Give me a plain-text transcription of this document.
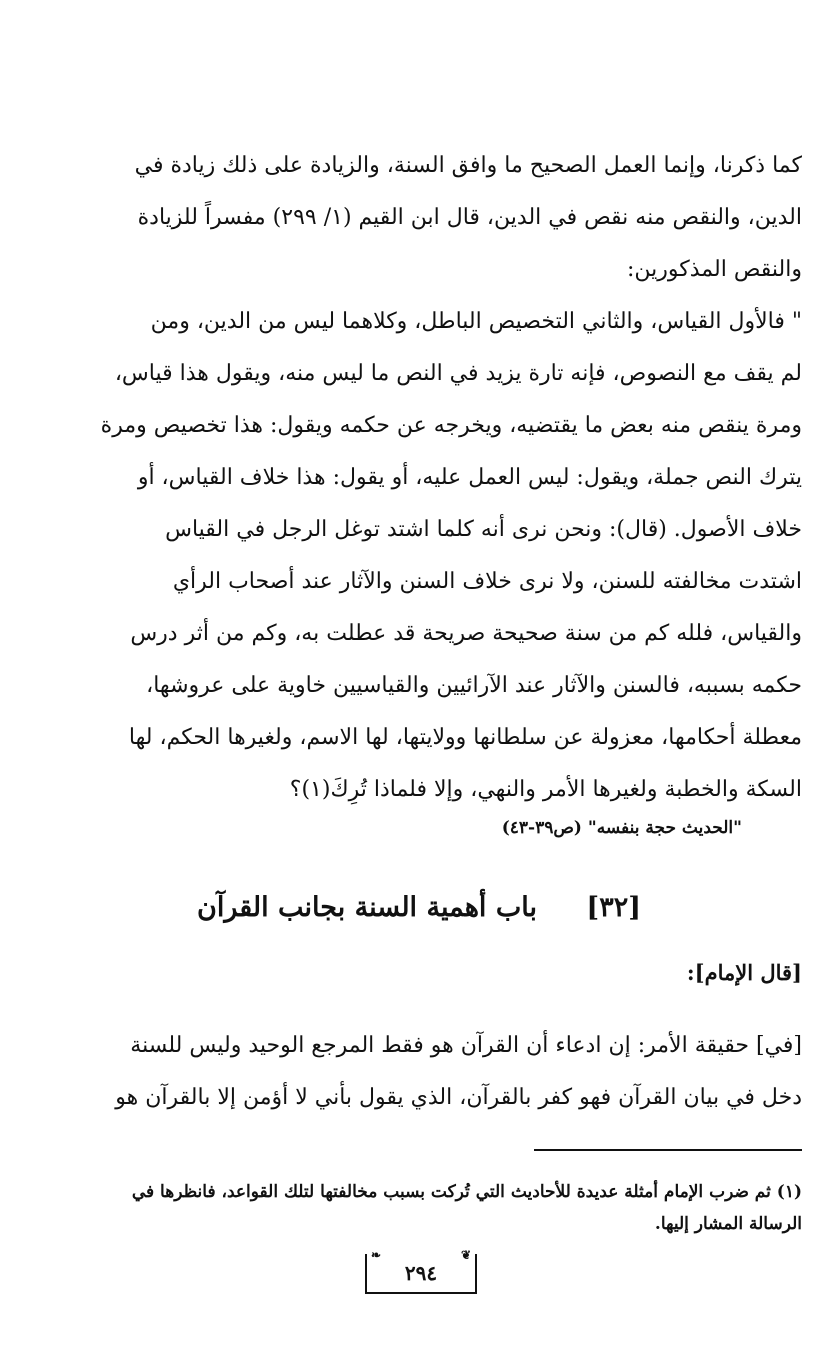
كما ذكرنا، وإنما العمل الصحيح ما وافق السنة، والزيادة على ذلك زيادة في
الدين، والنقص منه نقص في الدين، قال ابن القيم (١/ ٢٩٩) مفسراً للزيادة
والنقص المذكورين:
" فالأول القياس، والثاني التخصيص الباطل، وكلاهما ليس من الدين، ومن
لم يقف مع النصوص، فإنه تارة يزيد في النص ما ليس منه، ويقول هذا قياس،
ومرة ينقص منه بعض ما يقتضيه، ويخرجه عن حكمه ويقول: هذا تخصيص ومرة
يترك النص جملة، ويقول: ليس العمل عليه، أو يقول: هذا خلاف القياس، أو
خلاف الأصول. (قال): ونحن نرى أنه كلما اشتد توغل الرجل في القياس
اشتدت مخالفته للسنن، ولا نرى خلاف السنن والآثار عند أصحاب الرأي
والقياس، فلله كم من سنة صحيحة صريحة قد عطلت به، وكم من أثر درس
حكمه بسببه، فالسنن والآثار عند الآرائيين والقياسيين خاوية على عروشها،
معطلة أحكامها، معزولة عن سلطانها وولايتها، لها الاسم، ولغيرها الحكم، لها
السكة والخطبة ولغيرها الأمر والنهي، وإلا فلماذا تُرِكَ(١)؟
"الحديث حجة بنفسه" (ص٣٩-٤٣)
[٣٢] باب أهمية السنة بجانب القرآن
[قال الإمام]:
[في] حقيقة الأمر: إن ادعاء أن القرآن هو فقط المرجع الوحيد وليس للسنة
دخل في بيان القرآن فهو كفر بالقرآن، الذي يقول بأني لا أؤمن إلا بالقرآن هو
(١) ثم ضرب الإمام أمثلة عديدة للأحاديث التي تُركت بسبب مخالفتها لتلك القواعد، فانظرها في
الرسالة المشار إليها.
❦
٢٩٤
❧
